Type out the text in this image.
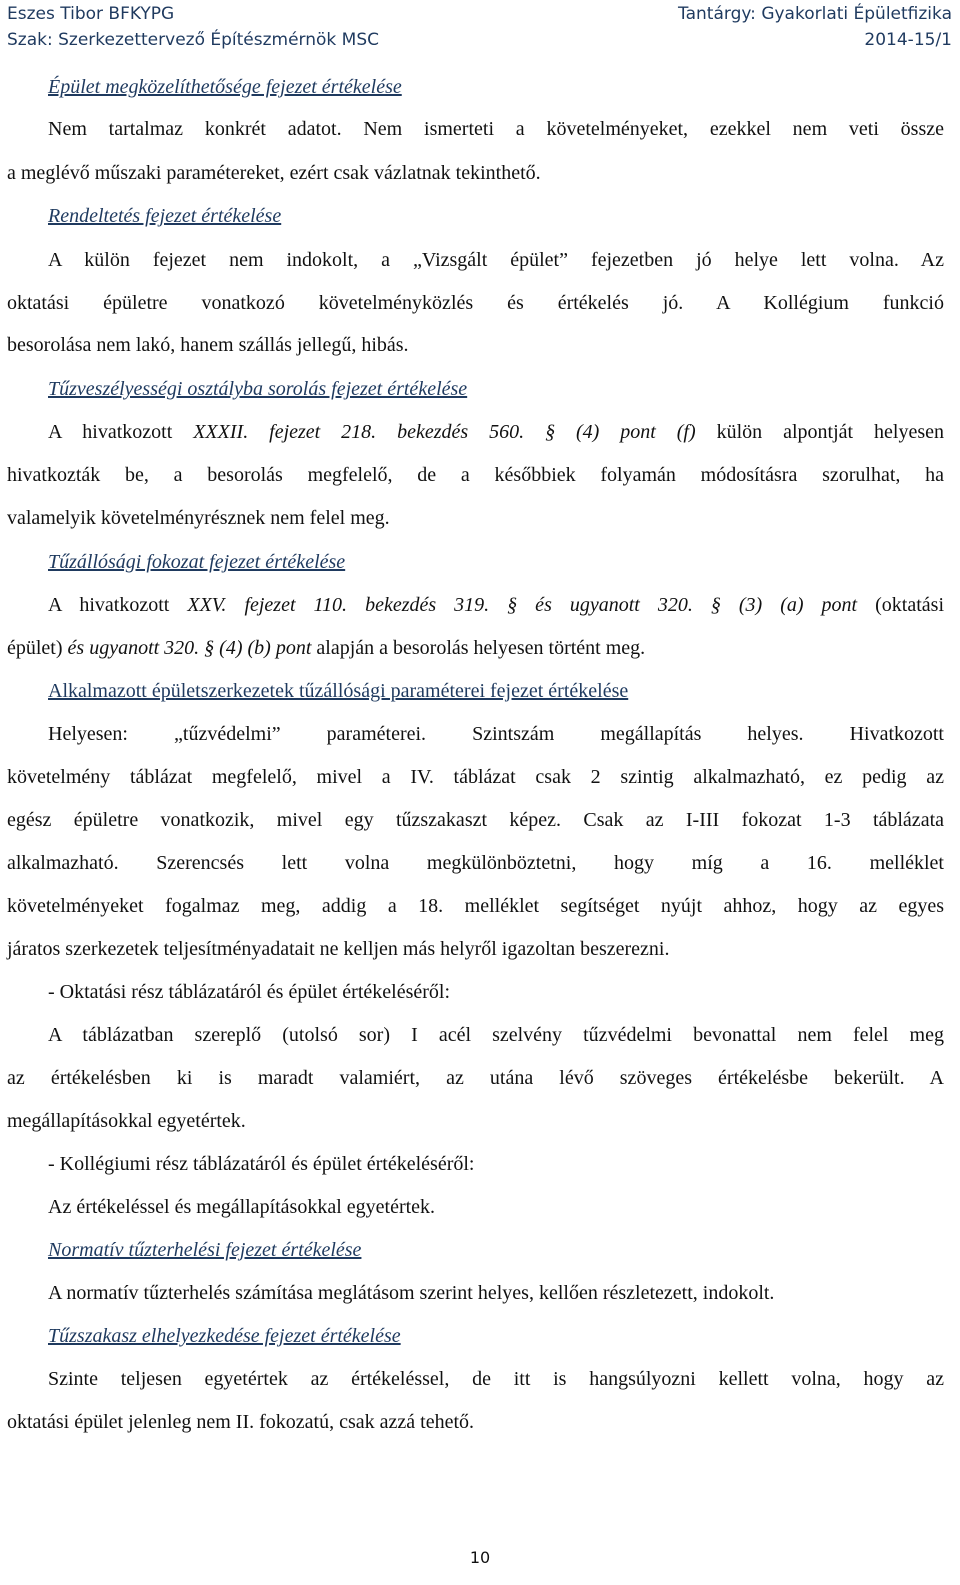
Eszes Tibor BFKYPG
Szak: Szerkezettervező Építészmérnök MSC
Tantárgy: Gyakorlati Épületfizika
2014-15/1
Épület megközelíthetősége fejezet értékelése
Nem tartalmaz konkrét adatot. Nem ismerteti a követelményeket, ezekkel nem veti össze
a meglévő műszaki paramétereket, ezért csak vázlatnak tekinthető.
Rendeltetés fejezet értékelése
A külön fejezet nem indokolt, a „Vizsgált épület” fejezetben jó helye lett volna. Az
oktatási épületre vonatkozó követelményközlés és értékelés jó. A Kollégium funkció
besorolása nem lakó, hanem szállás jellegű, hibás.
Tűzveszélyességi osztályba sorolás fejezet értékelése
A hivatkozott XXXII. fejezet 218. bekezdés 560. § (4) pont (f) külön alpontját helyesen
hivatkozták be, a besorolás megfelelő, de a későbbiek folyamán módosításra szorulhat, ha
valamelyik követelményrésznek nem felel meg.
Tűzállósági fokozat fejezet értékelése
A hivatkozott XXV. fejezet 110. bekezdés 319. § és ugyanott 320. § (3) (a) pont (oktatási
épület) és ugyanott 320. § (4) (b) pont alapján a besorolás helyesen történt meg.
Alkalmazott épületszerkezetek tűzállósági paraméterei fejezet értékelése
Helyesen: „tűzvédelmi” paraméterei. Szintszám megállapítás helyes. Hivatkozott
követelmény táblázat megfelelő, mivel a IV. táblázat csak 2 szintig alkalmazható, ez pedig az
egész épületre vonatkozik, mivel egy tűzszakaszt képez. Csak az I-III fokozat 1-3 táblázata
alkalmazható. Szerencsés lett volna megkülönböztetni, hogy míg a 16. melléklet
követelményeket fogalmaz meg, addig a 18. melléklet segítséget nyújt ahhoz, hogy az egyes
járatos szerkezetek teljesítményadatait ne kelljen más helyről igazoltan beszerezni.
- Oktatási rész táblázatáról és épület értékeléséről:
A táblázatban szereplő (utolsó sor) I acél szelvény tűzvédelmi bevonattal nem felel meg
az értékelésben ki is maradt valamiért, az utána lévő szöveges értékelésbe bekerült. A
megállapításokkal egyetértek.
- Kollégiumi rész táblázatáról és épület értékeléséről:
Az értékeléssel és megállapításokkal egyetértek.
Normatív tűzterhelési fejezet értékelése
A normatív tűzterhelés számítása meglátásom szerint helyes, kellően részletezett, indokolt.
Tűzszakasz elhelyezkedése fejezet értékelése
Szinte teljesen egyetértek az értékeléssel, de itt is hangsúlyozni kellett volna, hogy az
oktatási épület jelenleg nem II. fokozatú, csak azzá tehető.
10
